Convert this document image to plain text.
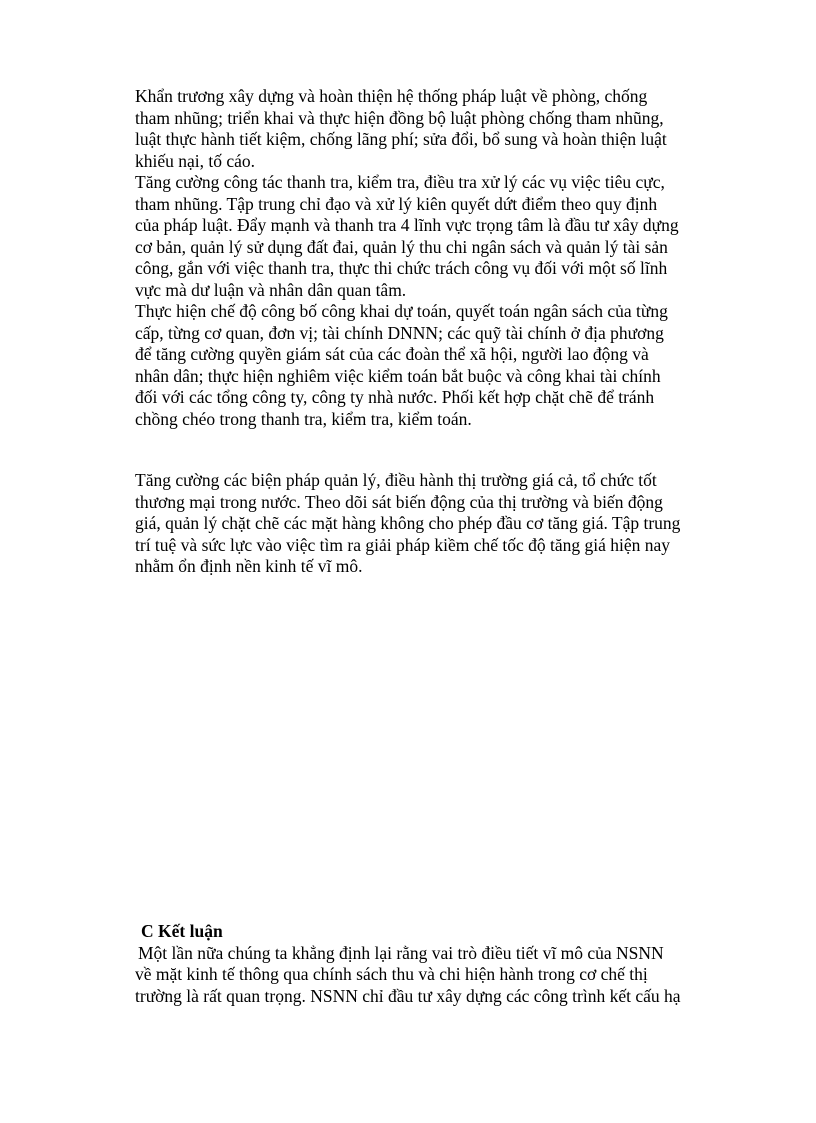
Khẩn trương xây dựng và hoàn thiện hệ thống pháp luật về phòng, chống
tham nhũng; triển khai và thực hiện đồng bộ luật phòng chống tham nhũng,
luật thực hành tiết kiệm, chống lãng phí; sửa đổi, bổ sung và hoàn thiện luật
khiếu nại, tố cáo.

Tăng cường công tác thanh tra, kiểm tra, điều tra xử lý các vụ việc tiêu cực,
tham nhũng. Tập trung chỉ đạo và xử lý kiên quyết dứt điểm theo quy định
của pháp luật. Đẩy mạnh và thanh tra 4 lĩnh vực trọng tâm là đầu tư xây dựng
cơ bản, quản lý sử dụng đất đai, quản lý thu chi ngân sách và quản lý tài sản
công, gắn với việc thanh tra, thực thi chức trách công vụ đối với một số lĩnh
vực mà dư luận và nhân dân quan tâm.

Thực hiện chế độ công bố công khai dự toán, quyết toán ngân sách của từng
cấp, từng cơ quan, đơn vị; tài chính DNNN; các quỹ tài chính ở địa phương
để tăng cường quyền giám sát của các đoàn thể xã hội, người lao động và
nhân dân; thực hiện nghiêm việc kiểm toán bắt buộc và công khai tài chính
đối với các tổng công ty, công ty nhà nước. Phối kết hợp chặt chẽ để tránh
chồng chéo trong thanh tra, kiểm tra, kiểm toán.

Tăng cường các biện pháp quản lý, điều hành thị trường giá cả, tổ chức tốt
thương mại trong nước. Theo dõi sát biến động của thị trường và biến động
giá, quản lý chặt chẽ các mặt hàng không cho phép đầu cơ tăng giá. Tập trung
trí tuệ và sức lực vào việc tìm ra giải pháp kiềm chế tốc độ tăng giá hiện nay
nhằm ổn định nền kinh tế vĩ mô.

C Kết luận

Một lần nữa chúng ta khẳng định lại rằng vai trò điều tiết vĩ mô của NSNN
về mặt kinh tế thông qua chính sách thu và chi hiện hành trong cơ chế thị
trường là rất quan trọng. NSNN chỉ đầu tư xây dựng các công trình kết cấu hạ
